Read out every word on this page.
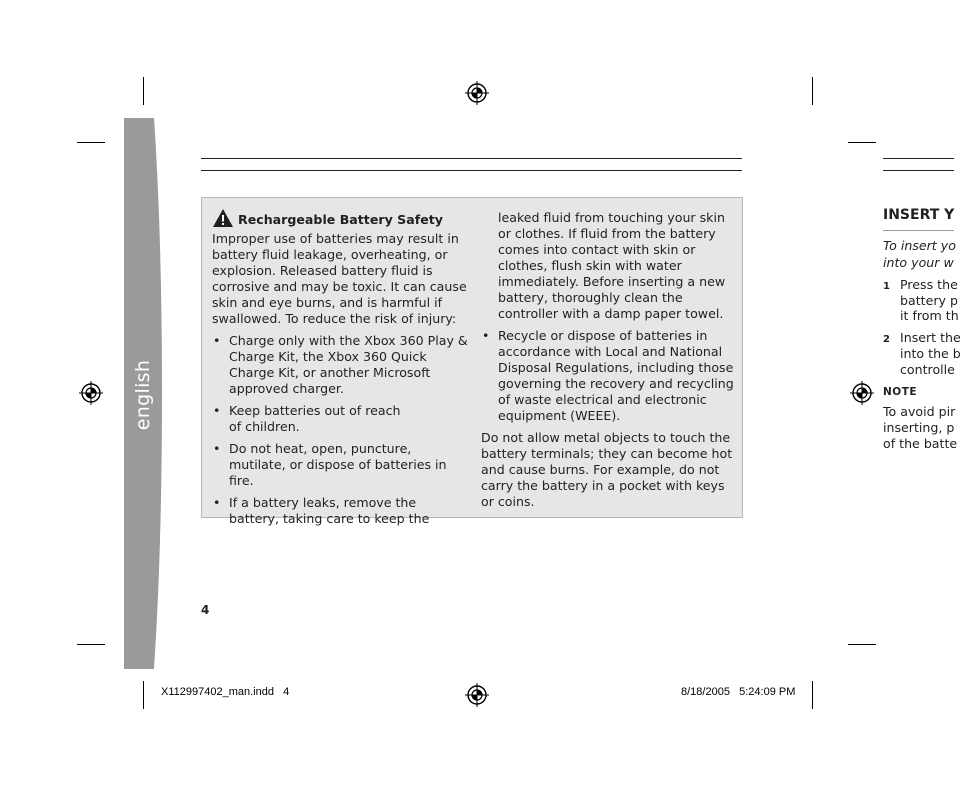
english

Rechargeable Battery Safety

Improper use of batteries may result in battery fluid leakage, overheating, or explosion. Released battery fluid is corrosive and may be toxic. It can cause skin and eye burns, and is harmful if swallowed. To reduce the risk of injury:

• Charge only with the Xbox 360 Play & Charge Kit, the Xbox 360 Quick Charge Kit, or another Microsoft approved charger.
• Keep batteries out of reach of children.
• Do not heat, open, puncture, mutilate, or dispose of batteries in fire.
• If a battery leaks, remove the battery, taking care to keep the

leaked fluid from touching your skin or clothes. If fluid from the battery comes into contact with skin or clothes, flush skin with water immediately. Before inserting a new battery, thoroughly clean the controller with a damp paper towel.

• Recycle or dispose of batteries in accordance with Local and National Disposal Regulations, including those governing the recovery and recycling of waste electrical and electronic equipment (WEEE).

Do not allow metal objects to touch the battery terminals; they can become hot and cause burns. For example, do not carry the battery in a pocket with keys or coins.

4
X112997402_man.indd   4	8/18/2005   5:24:09 PM
INSERT Y
To insert yo
into your w
1 Press the
battery p
it from th
2 Insert the
into the b
controlle
NOTE
To avoid pir
inserting, p
of the batte
